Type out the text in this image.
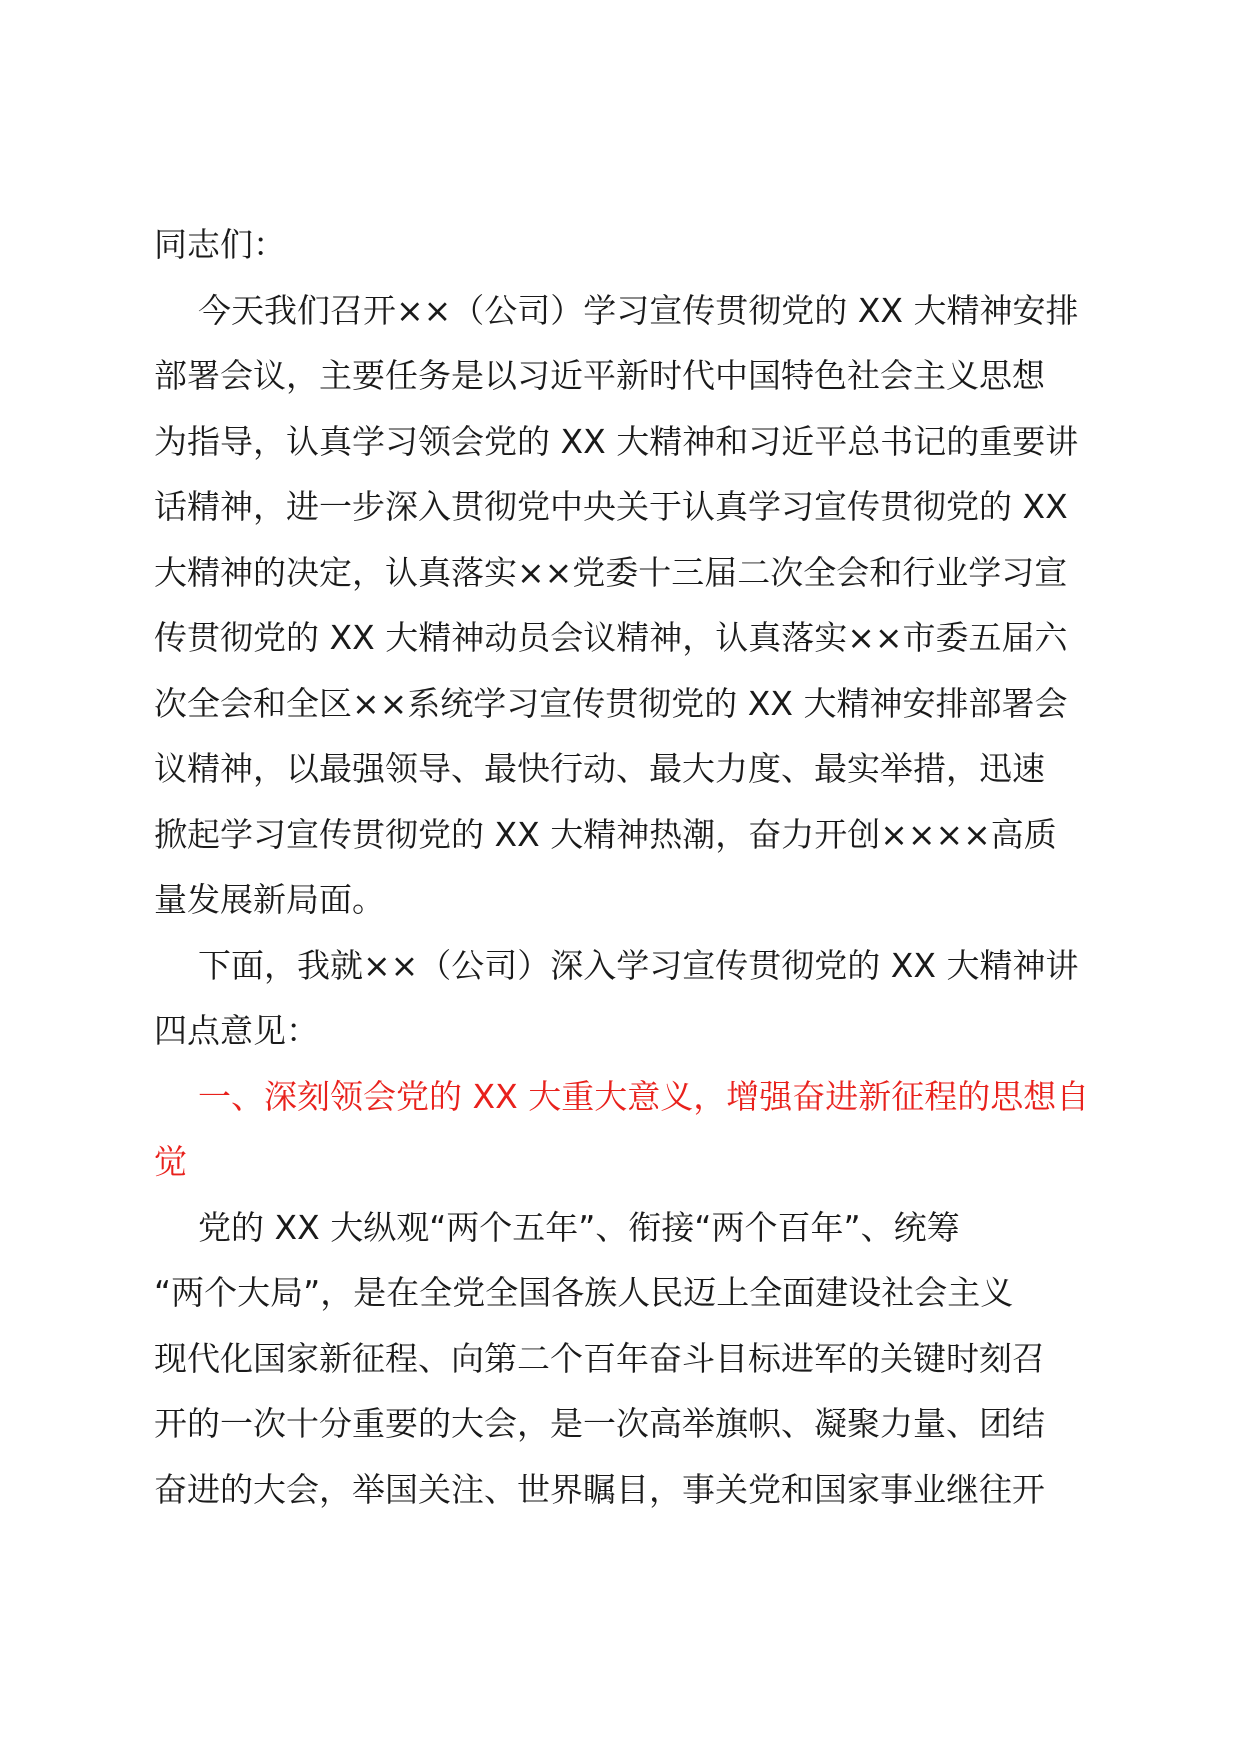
同志们：
今天我们召开××（公司）学习宣传贯彻党的 XX 大精神安排
部署会议，主要任务是以习近平新时代中国特色社会主义思想
为指导，认真学习领会党的 XX 大精神和习近平总书记的重要讲
话精神，进一步深入贯彻党中央关于认真学习宣传贯彻党的 XX
大精神的决定，认真落实××党委十三届二次全会和行业学习宣
传贯彻党的 XX 大精神动员会议精神，认真落实××市委五届六
次全会和全区××系统学习宣传贯彻党的 XX 大精神安排部署会
议精神，以最强领导、最快行动、最大力度、最实举措，迅速
掀起学习宣传贯彻党的 XX 大精神热潮，奋力开创××××高质
量发展新局面。
下面，我就××（公司）深入学习宣传贯彻党的 XX 大精神讲
四点意见：
一、深刻领会党的 XX 大重大意义，增强奋进新征程的思想自
觉
党的 XX 大纵观“两个五年”、衔接“两个百年”、统筹
“两个大局”，是在全党全国各族人民迈上全面建设社会主义
现代化国家新征程、向第二个百年奋斗目标进军的关键时刻召
开的一次十分重要的大会，是一次高举旗帜、凝聚力量、团结
奋进的大会，举国关注、世界瞩目，事关党和国家事业继往开
